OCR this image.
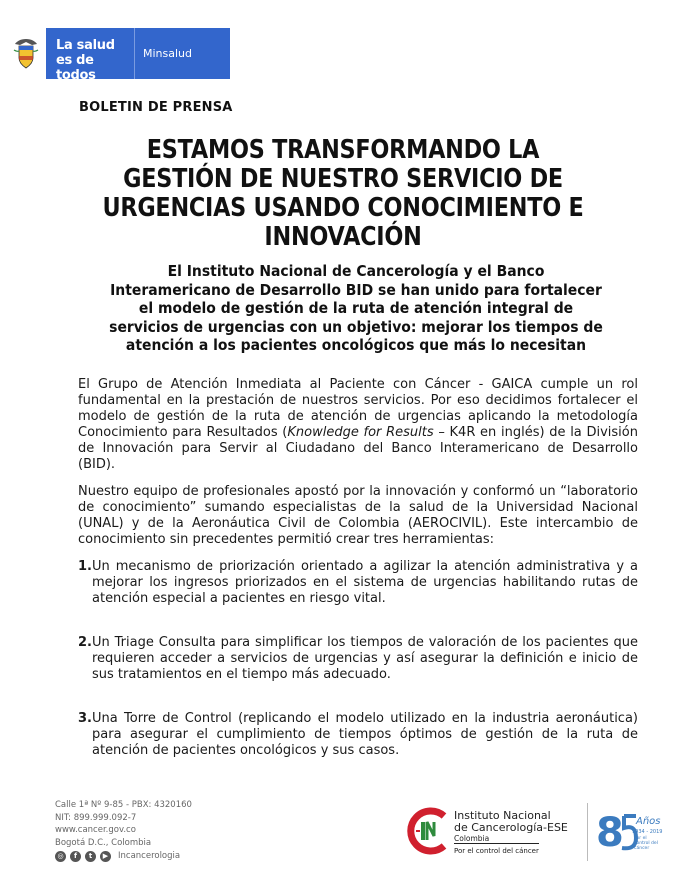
La salud es de todos
Minsalud
BOLETIN DE PRENSA
ESTAMOS TRANSFORMANDO LA GESTIÓN DE NUESTRO SERVICIO DE URGENCIAS USANDO CONOCIMIENTO E INNOVACIÓN
El Instituto Nacional de Cancerología y el Banco Interamericano de Desarrollo BID se han unido para fortalecer el modelo de gestión de la ruta de atención integral de servicios de urgencias con un objetivo: mejorar los tiempos de atención a los pacientes oncológicos que más lo necesitan

El Grupo de Atención Inmediata al Paciente con Cáncer - GAICA cumple un rol fundamental en la prestación de nuestros servicios. Por eso decidimos fortalecer el modelo de gestión de la ruta de atención de urgencias aplicando la metodología Conocimiento para Resultados (Knowledge for Results – K4R en inglés) de la División de Innovación para Servir al Ciudadano del Banco Interamericano de Desarrollo (BID).

Nuestro equipo de profesionales apostó por la innovación y conformó un “laboratorio de conocimiento” sumando especialistas de la salud de la Universidad Nacional (UNAL) y de la Aeronáutica Civil de Colombia (AEROCIVIL). Este intercambio de conocimiento sin precedentes permitió crear tres herramientas:

1. Un mecanismo de priorización orientado a agilizar la atención administrativa y a mejorar los ingresos priorizados en el sistema de urgencias habilitando rutas de atención especial a pacientes en riesgo vital.
2. Un Triage Consulta para simplificar los tiempos de valoración de los pacientes que requieren acceder a servicios de urgencias y así asegurar la definición e inicio de sus tratamientos en el tiempo más adecuado.
3. Una Torre de Control (replicando el modelo utilizado en la industria aeronáutica) para asegurar el cumplimiento de tiempos óptimos de gestión de la ruta de atención de pacientes oncológicos y sus casos.
Calle 1ª Nº 9-85 - PBX: 4320160
NIT: 899.999.092-7
www.cancer.gov.co
Bogotá D.C., Colombia
◎	f	t	▶	Incancerologia
Instituto Nacional
de Cancerología-ESE
Colombia
Por el control del cáncer	8 Años
1934 - 2019
Por el control del cáncer
